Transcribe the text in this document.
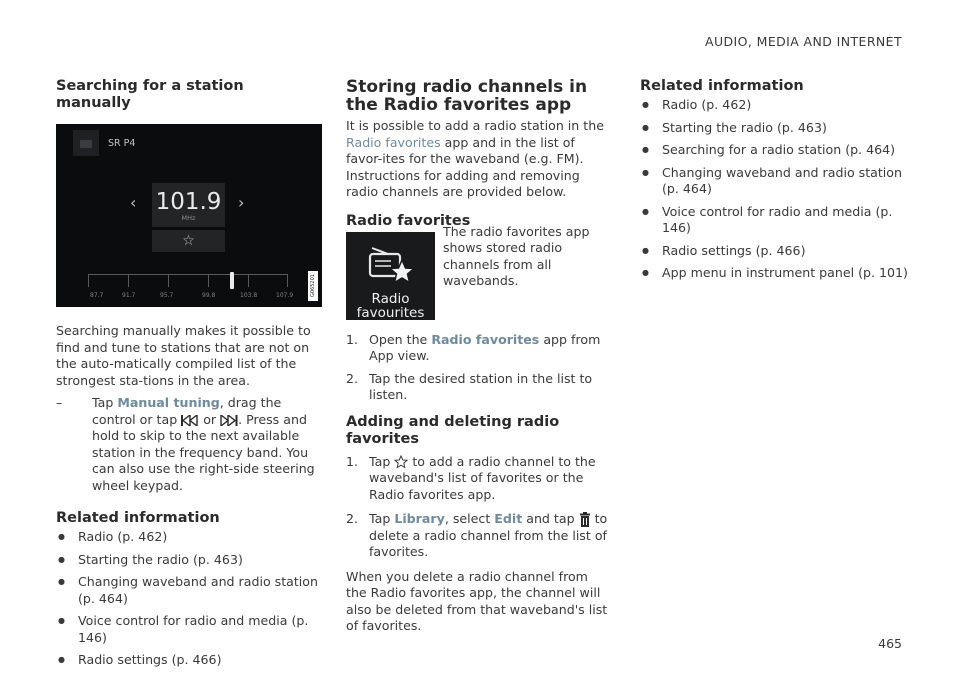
AUDIO, MEDIA AND INTERNET
Searching for a station manually
SR P4
‹ 101.9
MHz
›
☆
87.7	91.7	95.7	99.8	103.8	107.9	G065201

Searching manually makes it possible to find and tune to stations that are not on the auto-matically compiled list of the strongest sta-tions in the area.

– Tap Manual tuning, drag the control or tap  or . Press and hold to skip to the next available station in the frequency band. You can also use the right-side steering wheel keypad.
Related information
● Radio (p. 462)
● Starting the radio (p. 463)
● Changing waveband and radio station (p. 464)
● Voice control for radio and media (p. 146)
● Radio settings (p. 466)
Storing radio channels in the Radio favorites app

It is possible to add a radio station in the Radio favorites app and in the list of favor-ites for the waveband (e.g. FM). Instructions for adding and removing radio channels are provided below.

Radio favorites
Radio
favourites

The radio favorites app shows stored radio channels from all wavebands.

1. Open the Radio favorites app from App view.
2. Tap the desired station in the list to listen.
Adding and deleting radio favorites
1. Tap  to add a radio channel to the waveband's list of favorites or the Radio favorites app.
2. Tap Library, select Edit and tap  to delete a radio channel from the list of favorites.

When you delete a radio channel from the Radio favorites app, the channel will also be deleted from that waveband's list of favorites.

Related information
● Radio (p. 462)
● Starting the radio (p. 463)
● Searching for a radio station (p. 464)
● Changing waveband and radio station (p. 464)
● Voice control for radio and media (p. 146)
● Radio settings (p. 466)
● App menu in instrument panel (p. 101)
465
